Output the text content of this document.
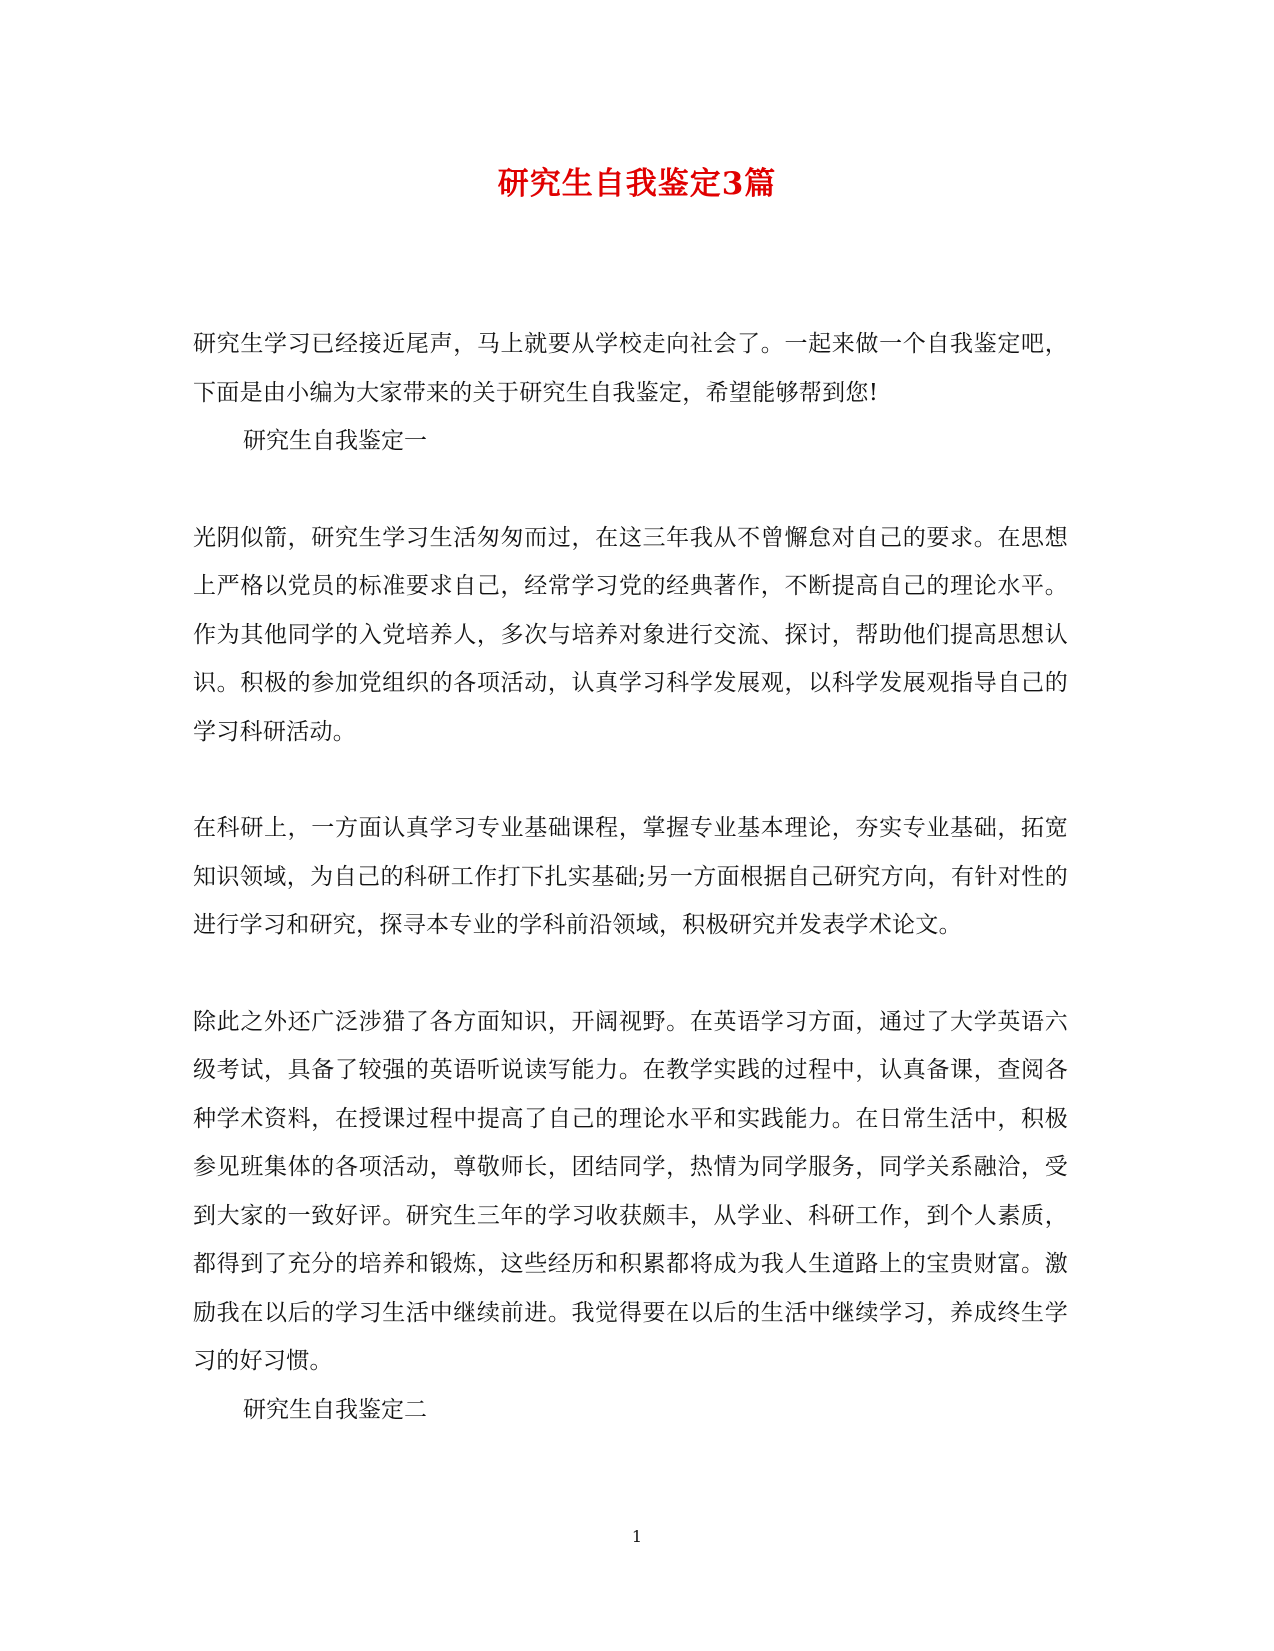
研究生自我鉴定3篇

研究生学习已经接近尾声，马上就要从学校走向社会了。一起来做一个自我鉴定吧，下面是由小编为大家带来的关于研究生自我鉴定，希望能够帮到您!

研究生自我鉴定一

光阴似箭，研究生学习生活匆匆而过，在这三年我从不曾懈怠对自己的要求。在思想上严格以党员的标准要求自己，经常学习党的经典著作，不断提高自己的理论水平。作为其他同学的入党培养人，多次与培养对象进行交流、探讨，帮助他们提高思想认识。积极的参加党组织的各项活动，认真学习科学发展观，以科学发展观指导自己的学习科研活动。

在科研上，一方面认真学习专业基础课程，掌握专业基本理论，夯实专业基础，拓宽知识领域，为自己的科研工作打下扎实基础;另一方面根据自己研究方向，有针对性的进行学习和研究，探寻本专业的学科前沿领域，积极研究并发表学术论文。

除此之外还广泛涉猎了各方面知识，开阔视野。在英语学习方面，通过了大学英语六级考试，具备了较强的英语听说读写能力。在教学实践的过程中，认真备课，查阅各种学术资料，在授课过程中提高了自己的理论水平和实践能力。在日常生活中，积极参见班集体的各项活动，尊敬师长，团结同学，热情为同学服务，同学关系融洽，受到大家的一致好评。研究生三年的学习收获颇丰，从学业、科研工作，到个人素质，都得到了充分的培养和锻炼，这些经历和积累都将成为我人生道路上的宝贵财富。激励我在以后的学习生活中继续前进。我觉得要在以后的生活中继续学习，养成终生学习的好习惯。

研究生自我鉴定二

1
